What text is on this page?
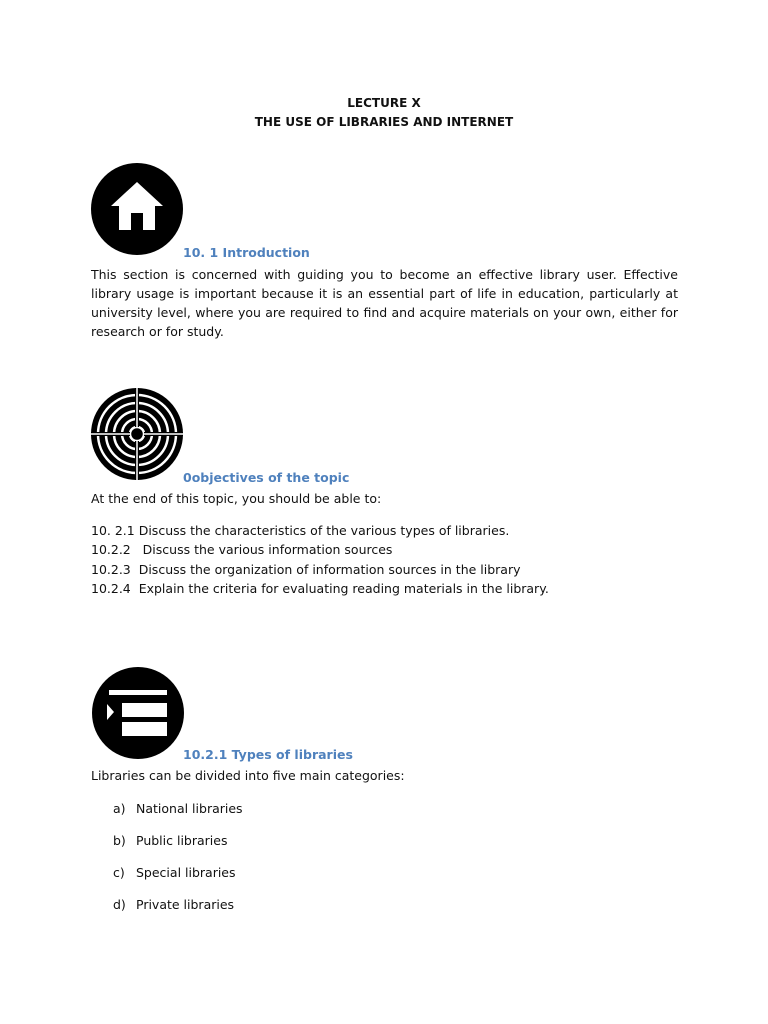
LECTURE X
THE USE OF LIBRARIES AND INTERNET
10. 1 Introduction
This section is concerned with guiding you to become an effective library user. Effective library usage is important because it is an essential part of life in education, particularly at university level, where you are required to find and acquire materials on your own, either for research or for study.
0objectives of the topic
At the end of this topic, you should be able to:
10. 2.1 Discuss the characteristics of the various types of libraries.
10.2.2   Discuss the various information sources
10.2.3  Discuss the organization of information sources in the library
10.2.4  Explain the criteria for evaluating reading materials in the library.
10.2.1 Types of libraries
Libraries can be divided into five main categories:
a) National libraries
b) Public libraries
c) Special libraries
d) Private libraries
